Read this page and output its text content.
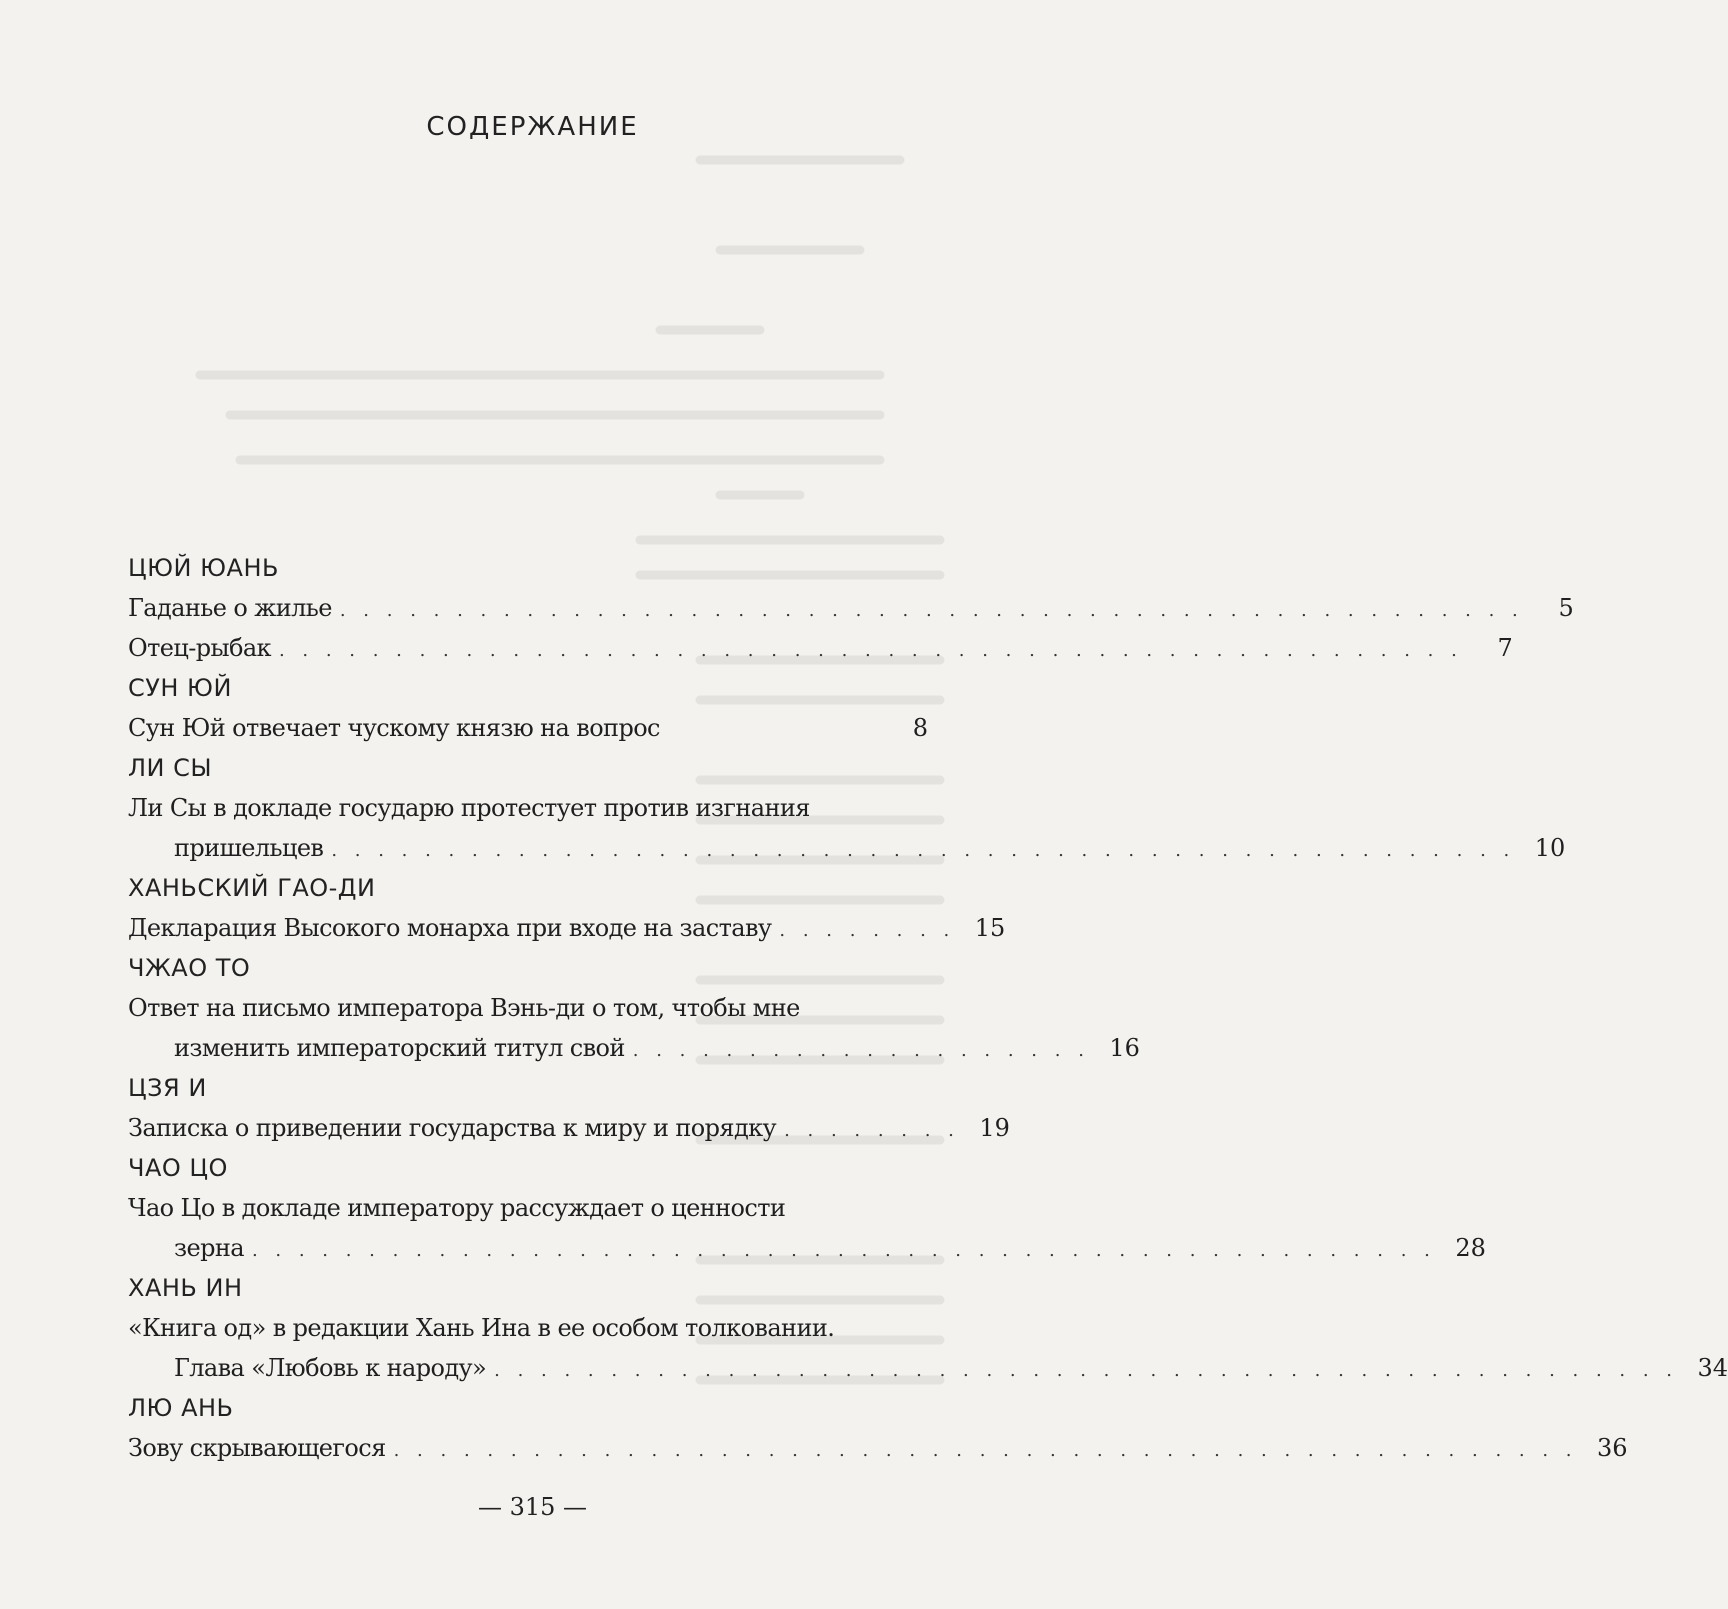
СОДЕРЖАНИЕ
ЦЮЙ ЮАНЬ
Гаданье о жилье . . . . . . . . . . . . . . . . . . . . . . . . . . . . . . . . . . . . . . . . . . . . . . . . . . .	5
Отец-рыбак . . . . . . . . . . . . . . . . . . . . . . . . . . . . . . . . . . . . . . . . . . . . . . . . . . .	7
СУН ЮЙ
Сун Юй отвечает чускому князю на вопрос	8
ЛИ СЫ
Ли Сы в докладе государю протестует против изгнания
пришельцев . . . . . . . . . . . . . . . . . . . . . . . . . . . . . . . . . . . . . . . . . . . . . . . . . . . 10
ХАНЬСКИЙ ГАО-ДИ
Декларация Высокого монарха при входе на заставу . . . . . . . . 15
ЧЖАО ТО
Ответ на письмо императора Вэнь-ди о том, чтобы мне
изменить императорский титул свой . . . . . . . . . . . . . . . . . . . . 16
ЦЗЯ И
Записка о приведении государства к миру и порядку . . . . . . . . 19
ЧАО ЦО
Чао Цо в докладе императору рассуждает о ценности
зерна . . . . . . . . . . . . . . . . . . . . . . . . . . . . . . . . . . . . . . . . . . . . . . . . . . . 28
ХАНЬ ИН
«Книга од» в редакции Хань Ина в ее особом толковании.
Глава «Любовь к народу» . . . . . . . . . . . . . . . . . . . . . . . . . . . . . . . . . . . . . . . . . . . . . . . . . . . 34
ЛЮ АНЬ
Зову скрывающегося . . . . . . . . . . . . . . . . . . . . . . . . . . . . . . . . . . . . . . . . . . . . . . . . . . . 36
— 315 —
